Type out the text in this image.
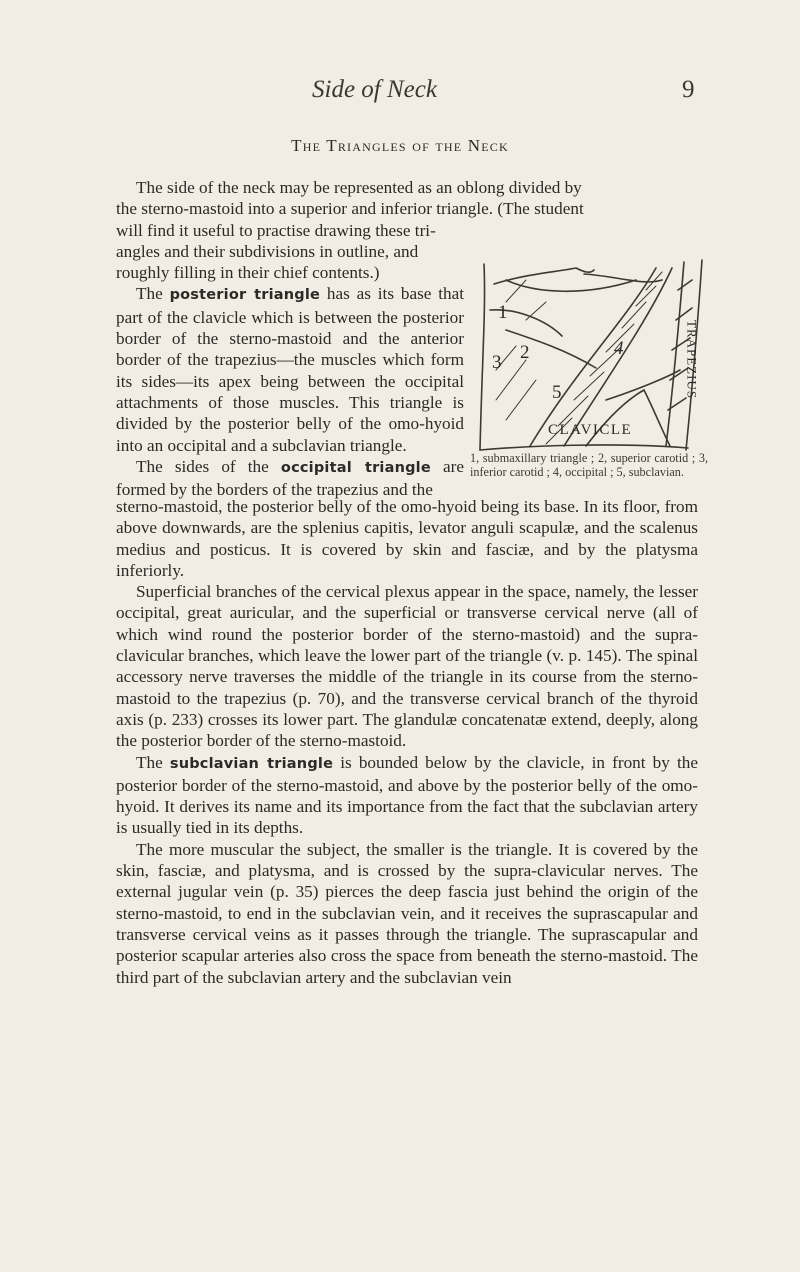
Side of Neck	9
The Triangles of the Neck

The side of the neck may be represented as an oblong divided by

the sterno-mastoid into a superior and inferior triangle. (The student

will find it useful to practise drawing these tri-

angles and their subdivisions in outline, and

roughly filling in their chief contents.)

The posterior triangle has as its base that part of the clavicle which is between the posterior border of the sterno-mastoid and the anterior border of the trapezius—the muscles which form its sides—its apex being between the occipital attachments of those muscles. This triangle is divided by the posterior belly of the omo-hyoid into an occipital and a subclavian triangle.

The sides of the occipital triangle are formed by the borders of the trapezius and the

1
2
3
4
5	TRAPEZIUS
CLAVICLE
1, submaxillary triangle ; 2, superior carotid ; 3, inferior carotid ; 4, occipital ; 5, subclavian.

sterno-mastoid, the posterior belly of the omo-hyoid being its base. In its floor, from above downwards, are the splenius capitis, levator anguli scapulæ, and the scalenus medius and posticus. It is covered by skin and fasciæ, and by the platysma inferiorly.

Superficial branches of the cervical plexus appear in the space, namely, the lesser occipital, great auricular, and the superficial or transverse cervical nerve (all of which wind round the posterior border of the sterno-mastoid) and the supra-clavicular branches, which leave the lower part of the triangle (v. p. 145). The spinal accessory nerve traverses the middle of the triangle in its course from the sterno-mastoid to the trapezius (p. 70), and the transverse cervical branch of the thyroid axis (p. 233) crosses its lower part. The glandulæ concatenatæ extend, deeply, along the posterior border of the sterno-mastoid.

The subclavian triangle is bounded below by the clavicle, in front by the posterior border of the sterno-mastoid, and above by the posterior belly of the omo-hyoid. It derives its name and its importance from the fact that the subclavian artery is usually tied in its depths.

The more muscular the subject, the smaller is the triangle. It is covered by the skin, fasciæ, and platysma, and is crossed by the supra-clavicular nerves. The external jugular vein (p. 35) pierces the deep fascia just behind the origin of the sterno-mastoid, to end in the subclavian vein, and it receives the suprascapular and transverse cervical veins as it passes through the triangle. The suprascapular and posterior scapular arteries also cross the space from beneath the sterno-mastoid. The third part of the subclavian artery and the subclavian vein
